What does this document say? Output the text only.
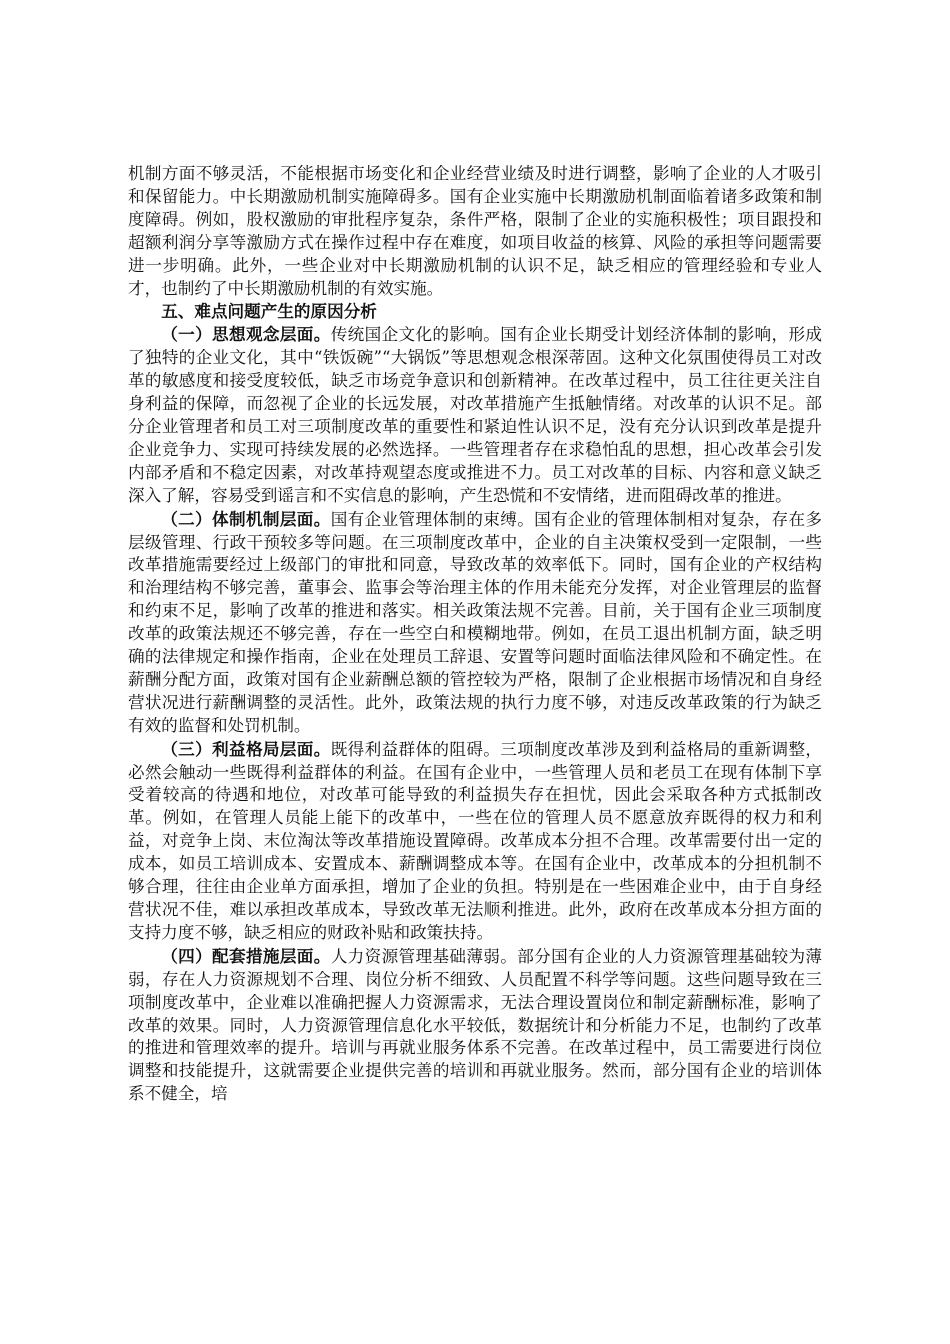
机制方面不够灵活，不能根据市场变化和企业经营业绩及时进行调整，影响了企业的人才吸引和保留能力。中长期激励机制实施障碍多。国有企业实施中长期激励机制面临着诸多政策和制度障碍。例如，股权激励的审批程序复杂，条件严格，限制了企业的实施积极性；项目跟投和超额利润分享等激励方式在操作过程中存在难度，如项目收益的核算、风险的承担等问题需要进一步明确。此外，一些企业对中长期激励机制的认识不足，缺乏相应的管理经验和专业人才，也制约了中长期激励机制的有效实施。

五、难点问题产生的原因分析

（一）思想观念层面。传统国企文化的影响。国有企业长期受计划经济体制的影响，形成了独特的企业文化，其中“铁饭碗”“大锅饭”等思想观念根深蒂固。这种文化氛围使得员工对改革的敏感度和接受度较低，缺乏市场竞争意识和创新精神。在改革过程中，员工往往更关注自身利益的保障，而忽视了企业的长远发展，对改革措施产生抵触情绪。对改革的认识不足。部分企业管理者和员工对三项制度改革的重要性和紧迫性认识不足，没有充分认识到改革是提升企业竞争力、实现可持续发展的必然选择。一些管理者存在求稳怕乱的思想，担心改革会引发内部矛盾和不稳定因素，对改革持观望态度或推进不力。员工对改革的目标、内容和意义缺乏深入了解，容易受到谣言和不实信息的影响，产生恐慌和不安情绪，进而阻碍改革的推进。

（二）体制机制层面。国有企业管理体制的束缚。国有企业的管理体制相对复杂，存在多层级管理、行政干预较多等问题。在三项制度改革中，企业的自主决策权受到一定限制，一些改革措施需要经过上级部门的审批和同意，导致改革的效率低下。同时，国有企业的产权结构和治理结构不够完善，董事会、监事会等治理主体的作用未能充分发挥，对企业管理层的监督和约束不足，影响了改革的推进和落实。相关政策法规不完善。目前，关于国有企业三项制度改革的政策法规还不够完善，存在一些空白和模糊地带。例如，在员工退出机制方面，缺乏明确的法律规定和操作指南，企业在处理员工辞退、安置等问题时面临法律风险和不确定性。在薪酬分配方面，政策对国有企业薪酬总额的管控较为严格，限制了企业根据市场情况和自身经营状况进行薪酬调整的灵活性。此外，政策法规的执行力度不够，对违反改革政策的行为缺乏有效的监督和处罚机制。

（三）利益格局层面。既得利益群体的阻碍。三项制度改革涉及到利益格局的重新调整，必然会触动一些既得利益群体的利益。在国有企业中，一些管理人员和老员工在现有体制下享受着较高的待遇和地位，对改革可能导致的利益损失存在担忧，因此会采取各种方式抵制改革。例如，在管理人员能上能下的改革中，一些在位的管理人员不愿意放弃既得的权力和利益，对竞争上岗、末位淘汰等改革措施设置障碍。改革成本分担不合理。改革需要付出一定的成本，如员工培训成本、安置成本、薪酬调整成本等。在国有企业中，改革成本的分担机制不够合理，往往由企业单方面承担，增加了企业的负担。特别是在一些困难企业中，由于自身经营状况不佳，难以承担改革成本，导致改革无法顺利推进。此外，政府在改革成本分担方面的支持力度不够，缺乏相应的财政补贴和政策扶持。

（四）配套措施层面。人力资源管理基础薄弱。部分国有企业的人力资源管理基础较为薄弱，存在人力资源规划不合理、岗位分析不细致、人员配置不科学等问题。这些问题导致在三项制度改革中，企业难以准确把握人力资源需求，无法合理设置岗位和制定薪酬标准，影响了改革的效果。同时，人力资源管理信息化水平较低，数据统计和分析能力不足，也制约了改革的推进和管理效率的提升。培训与再就业服务体系不完善。在改革过程中，员工需要进行岗位调整和技能提升，这就需要企业提供完善的培训和再就业服务。然而，部分国有企业的培训体系不健全，培
